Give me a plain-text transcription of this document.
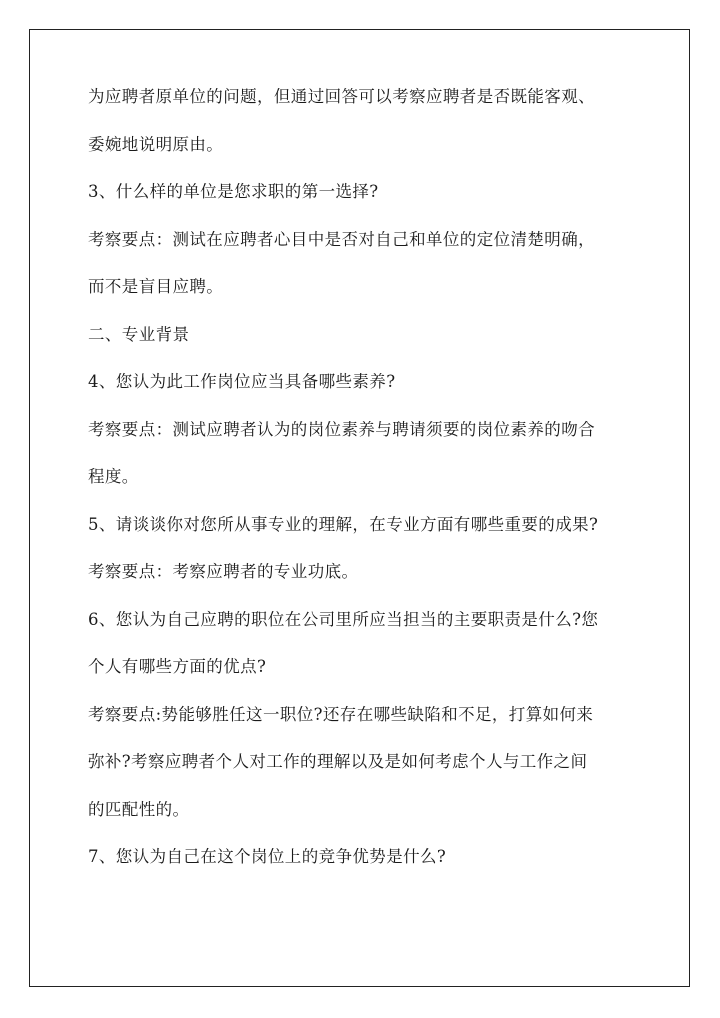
为应聘者原单位的问题，但通过回答可以考察应聘者是否既能客观、

委婉地说明原由。

3、什么样的单位是您求职的第一选择?

考察要点：测试在应聘者心目中是否对自己和单位的定位清楚明确，

而不是盲目应聘。

二、专业背景

4、您认为此工作岗位应当具备哪些素养?

考察要点：测试应聘者认为的岗位素养与聘请须要的岗位素养的吻合

程度。

5、请谈谈你对您所从事专业的理解，在专业方面有哪些重要的成果?

考察要点：考察应聘者的专业功底。

6、您认为自己应聘的职位在公司里所应当担当的主要职责是什么?您

个人有哪些方面的优点?

考察要点:势能够胜任这一职位?还存在哪些缺陷和不足，打算如何来

弥补?考察应聘者个人对工作的理解以及是如何考虑个人与工作之间

的匹配性的。

7、您认为自己在这个岗位上的竞争优势是什么?
